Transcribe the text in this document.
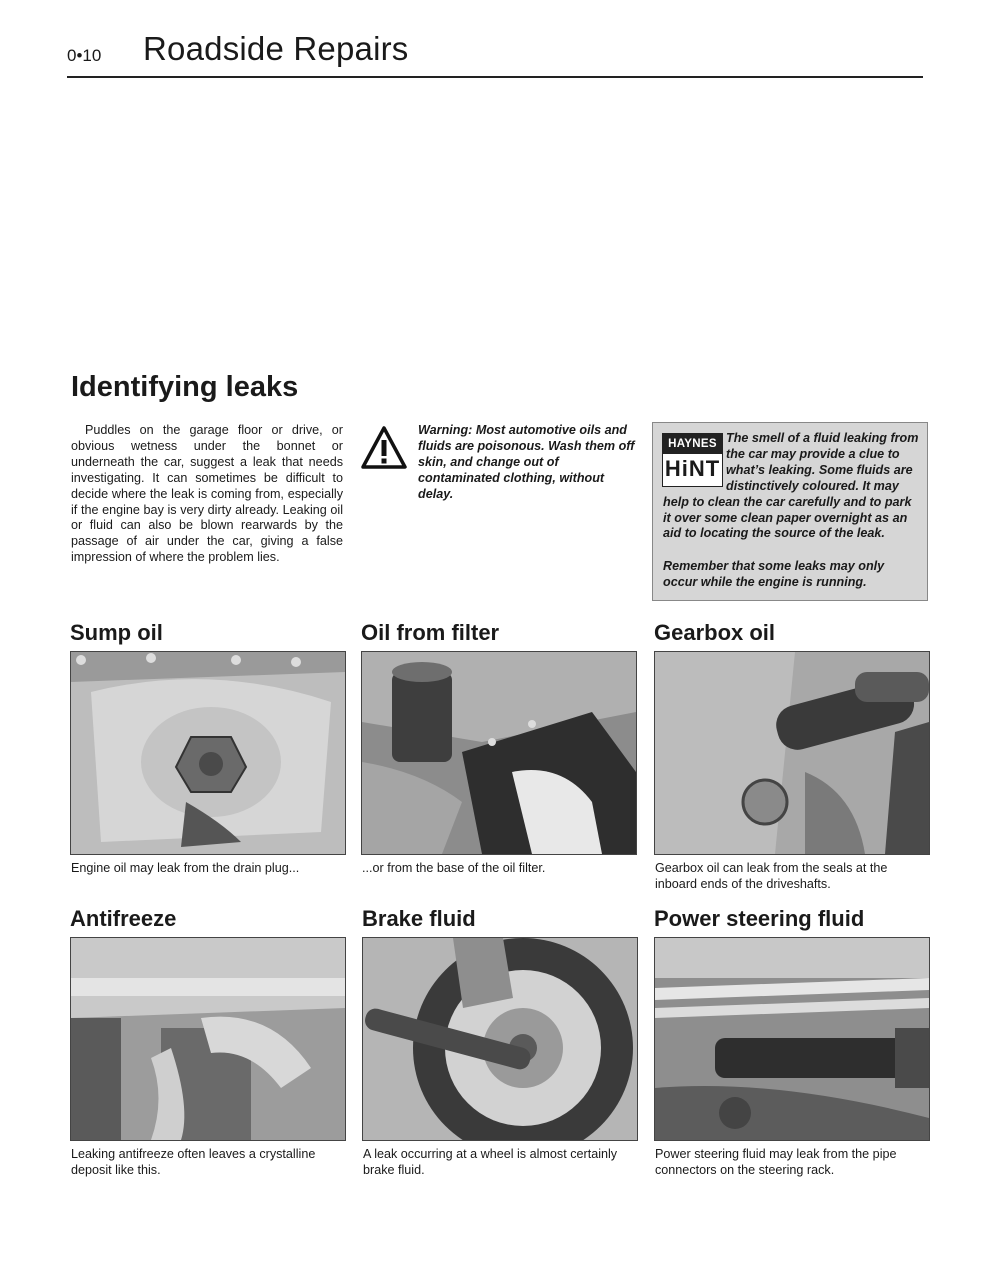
0•10 Roadside Repairs
Identifying leaks

Puddles on the garage floor or drive, or obvious wetness under the bonnet or underneath the car, suggest a leak that needs investigating. It can sometimes be difficult to decide where the leak is coming from, especially if the engine bay is very dirty already. Leaking oil or fluid can also be blown rearwards by the passage of air under the car, giving a false impression of where the problem lies.

Warning: Most automotive oils and fluids are poisonous. Wash them off skin, and change out of contaminated clothing, without delay.

HAYNES
HiNT

The smell of a fluid leaking from the car may provide a clue to what’s leaking. Some fluids are distinctively coloured. It may help to clean the car carefully and to park it over some clean paper overnight as an aid to locating the source of the leak.

Remember that some leaks may only occur while the engine is running.

Sump oil
Engine oil may leak from the drain plug...
Oil from filter
...or from the base of the oil filter.
Gearbox oil
Gearbox oil can leak from the seals at the inboard ends of the driveshafts.
Antifreeze
Leaking antifreeze often leaves a crystalline deposit like this.
Brake fluid
A leak occurring at a wheel is almost certainly brake fluid.
Power steering fluid
Power steering fluid may leak from the pipe connectors on the steering rack.
